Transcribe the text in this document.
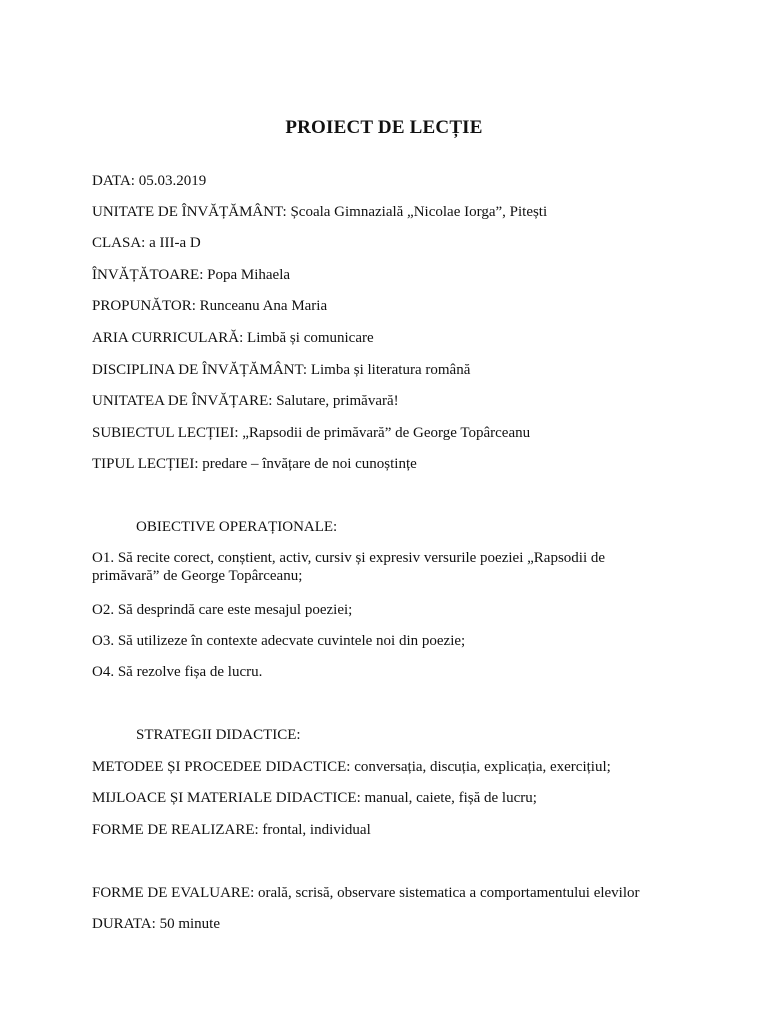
PROIECT DE LECȚIE
DATA: 05.03.2019
UNITATE DE ÎNVĂȚĂMÂNT: Școala Gimnazială „Nicolae Iorga”, Pitești
CLASA: a III-a D
ÎNVĂȚĂTOARE: Popa Mihaela
PROPUNĂTOR: Runceanu Ana Maria
ARIA CURRICULARĂ: Limbă și comunicare
DISCIPLINA DE ÎNVĂȚĂMÂNT: Limba și literatura română
UNITATEA DE ÎNVĂȚARE: Salutare, primăvară!
SUBIECTUL LECȚIEI: „Rapsodii de primăvară” de George Topârceanu
TIPUL LECȚIEI: predare – învățare de noi cunoștințe
OBIECTIVE OPERAȚIONALE:
O1. Să recite corect, conștient, activ, cursiv și expresiv versurile poeziei „Rapsodii de primăvară” de George Topârceanu;
O2. Să desprindă care este mesajul poeziei;
O3. Să utilizeze în contexte adecvate cuvintele noi din poezie;
O4. Să rezolve fișa de lucru.
STRATEGII DIDACTICE:
METODEE ȘI PROCEDEE DIDACTICE: conversația, discuția, explicația, exercițiul;
MIJLOACE ȘI MATERIALE DIDACTICE: manual, caiete, fișă de lucru;
FORME DE REALIZARE: frontal, individual
FORME DE EVALUARE: orală, scrisă, observare sistematica a comportamentului elevilor
DURATA: 50 minute
